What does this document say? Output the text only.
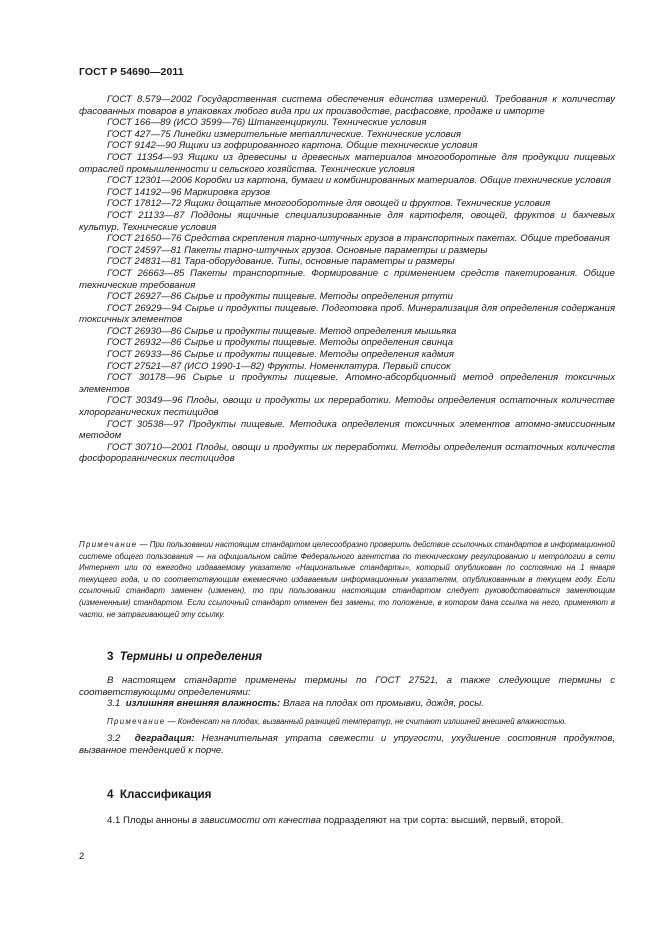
ГОСТ Р 54690—2011

ГОСТ 8.579—2002 Государственная система обеспечения единства измерений. Требования к количеству фасованных товаров в упаковках любого вида при их производстве, расфасовке, продаже и импорте

ГОСТ 166—89 (ИСО 3599—76) Штангенциркули. Технические условия

ГОСТ 427—75 Линейки измерительные металлические. Технические условия

ГОСТ 9142—90 Ящики из гофрированного картона. Общие технические условия

ГОСТ 11354—93 Ящики из древесины и древесных материалов многооборотные для продукции пищевых отраслей промышленности и сельского хозяйства. Технические условия

ГОСТ 12301—2006 Коробки из картона, бумаги и комбинированных материалов. Общие технические условия

ГОСТ 14192—96 Маркировка грузов

ГОСТ 17812—72 Ящики дощатые многооборотные для овощей и фруктов. Технические условия

ГОСТ 21133—87 Поддоны ящичные специализированные для картофеля, овощей, фруктов и бахчевых культур. Технические условия

ГОСТ 21650—76 Средства скрепления тарно-штучных грузов в транспортных пакетах. Общие требования

ГОСТ 24597—81 Пакеты тарно-штучных грузов. Основные параметры и размеры

ГОСТ 24831—81 Тара-оборудование. Типы, основные параметры и размеры

ГОСТ 26663—85 Пакеты транспортные. Формирование с применением средств пакетирования. Общие технические требования

ГОСТ 26927—86 Сырье и продукты пищевые. Методы определения ртути

ГОСТ 26929—94 Сырье и продукты пищевые. Подготовка проб. Минерализация для определения содержания токсичных элементов

ГОСТ 26930—86 Сырье и продукты пищевые. Метод определения мышьяка

ГОСТ 26932—86 Сырье и продукты пищевые. Методы определения свинца

ГОСТ 26933—86 Сырье и продукты пищевые. Методы определения кадмия

ГОСТ 27521—87 (ИСО 1990-1—82) Фрукты. Номенклатура. Первый список

ГОСТ 30178—96 Сырье и продукты пищевые. Атомно-абсорбционный метод определения токсичных элементов

ГОСТ 30349—96 Плоды, овощи и продукты их переработки. Методы определения остаточных количестве хлорорганических пестицидов

ГОСТ 30538—97 Продукты пищевые. Методика определения токсичных элементов атомно-эмиссионным методом

ГОСТ 30710—2001 Плоды, овощи и продукты их переработки. Методы определения остаточных количеств фосфорорганических пестицидов

Примечание — При пользовании настоящим стандартом целесообразно проверить действие ссылочных стандартов в информационной системе общего пользования — на официальном сайте Федерального агентства по техническому регулированию и метрологии в сети Интернет или по ежегодно издаваемому указателю «Национальные стандарты», который опубликован по состоянию на 1 января текущего года, и по соответствующим ежемесячно издаваемым информационным указателям, опубликованным в текущем году. Если ссылочный стандарт заменен (изменен), то при пользовании настоящим стандартом следует руководствоваться заменяющим (измененным) стандартом. Если ссылочный стандарт отменен без замены, то положение, в котором дана ссылка на него, применяют в части, не затрагивающей эту ссылку.

3 Термины и определения

В настоящем стандарте применены термины по ГОСТ 27521, а также следующие термины с соответствующими определениями:

3.1 излишняя внешняя влажность: Влага на плодах от промывки, дождя, росы.

Примечание — Конденсат на плодах, вызванный разницей температур, не считают излишней внешней влажностью.

3.2 деградация: Незначительная утрата свежести и упругости, ухудшение состояния продуктов, вызванное тенденцией к порче.

4 Классификация

4.1 Плоды анноны в зависимости от качества подразделяют на три сорта: высший, первый, второй.

2
